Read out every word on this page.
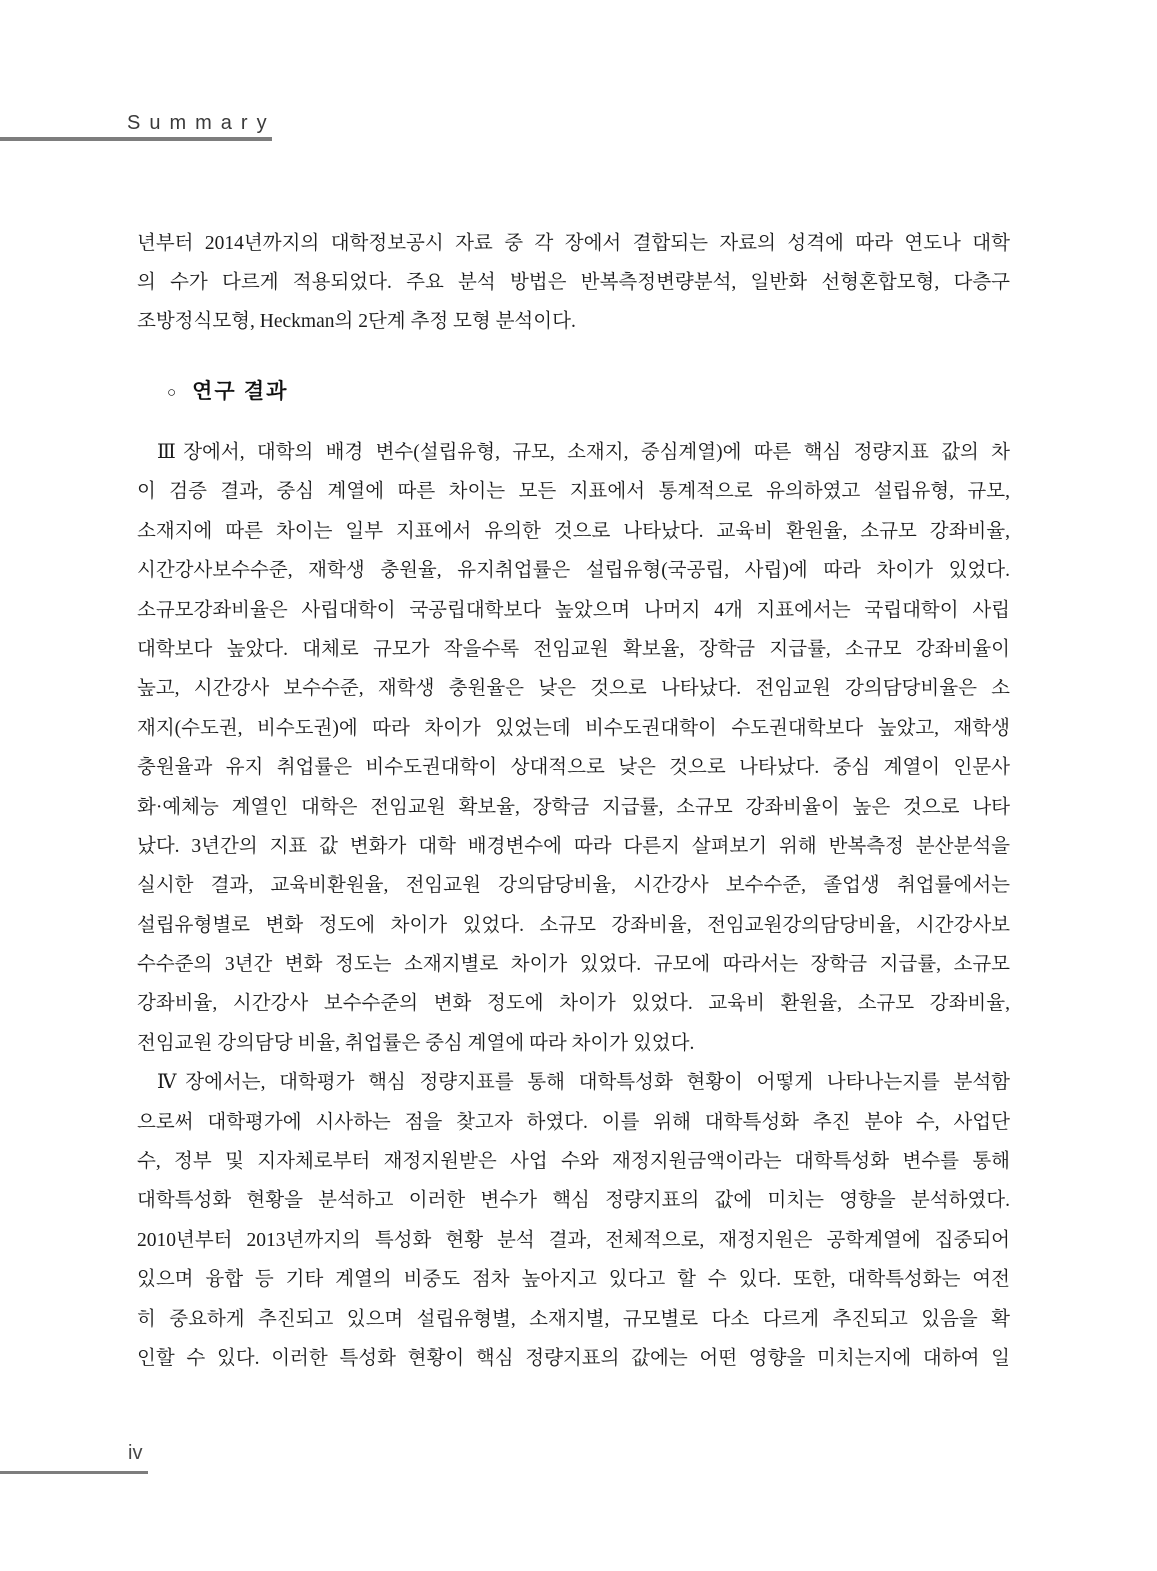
Summary
년부터 2014년까지의 대학정보공시 자료 중 각 장에서 결합되는 자료의 성격에 따라 연도나 대학
의 수가 다르게 적용되었다. 주요 분석 방법은 반복측정변량분석, 일반화 선형혼합모형, 다층구
조방정식모형, Heckman의 2단계 추정 모형 분석이다.
○ 연구 결과
Ⅲ장에서, 대학의 배경 변수(설립유형, 규모, 소재지, 중심계열)에 따른 핵심 정량지표 값의 차
이 검증 결과, 중심 계열에 따른 차이는 모든 지표에서 통계적으로 유의하였고 설립유형, 규모,
소재지에 따른 차이는 일부 지표에서 유의한 것으로 나타났다. 교육비 환원율, 소규모 강좌비율,
시간강사보수수준, 재학생 충원율, 유지취업률은 설립유형(국공립, 사립)에 따라 차이가 있었다.
소규모강좌비율은 사립대학이 국공립대학보다 높았으며 나머지 4개 지표에서는 국립대학이 사립
대학보다 높았다. 대체로 규모가 작을수록 전임교원 확보율, 장학금 지급률, 소규모 강좌비율이
높고, 시간강사 보수수준, 재학생 충원율은 낮은 것으로 나타났다. 전임교원 강의담당비율은 소
재지(수도권, 비수도권)에 따라 차이가 있었는데 비수도권대학이 수도권대학보다 높았고, 재학생
충원율과 유지 취업률은 비수도권대학이 상대적으로 낮은 것으로 나타났다. 중심 계열이 인문사
화·예체능 계열인 대학은 전임교원 확보율, 장학금 지급률, 소규모 강좌비율이 높은 것으로 나타
났다. 3년간의 지표 값 변화가 대학 배경변수에 따라 다른지 살펴보기 위해 반복측정 분산분석을
실시한 결과, 교육비환원율, 전임교원 강의담당비율, 시간강사 보수수준, 졸업생 취업률에서는
설립유형별로 변화 정도에 차이가 있었다. 소규모 강좌비율, 전임교원강의담당비율, 시간강사보
수수준의 3년간 변화 정도는 소재지별로 차이가 있었다. 규모에 따라서는 장학금 지급률, 소규모
강좌비율, 시간강사 보수수준의 변화 정도에 차이가 있었다. 교육비 환원율, 소규모 강좌비율,
전임교원 강의담당 비율, 취업률은 중심 계열에 따라 차이가 있었다.
Ⅳ장에서는, 대학평가 핵심 정량지표를 통해 대학특성화 현황이 어떻게 나타나는지를 분석함
으로써 대학평가에 시사하는 점을 찾고자 하였다. 이를 위해 대학특성화 추진 분야 수, 사업단
수, 정부 및 지자체로부터 재정지원받은 사업 수와 재정지원금액이라는 대학특성화 변수를 통해
대학특성화 현황을 분석하고 이러한 변수가 핵심 정량지표의 값에 미치는 영향을 분석하였다.
2010년부터 2013년까지의 특성화 현황 분석 결과, 전체적으로, 재정지원은 공학계열에 집중되어
있으며 융합 등 기타 계열의 비중도 점차 높아지고 있다고 할 수 있다. 또한, 대학특성화는 여전
히 중요하게 추진되고 있으며 설립유형별, 소재지별, 규모별로 다소 다르게 추진되고 있음을 확
인할 수 있다. 이러한 특성화 현황이 핵심 정량지표의 값에는 어떤 영향을 미치는지에 대하여 일
iv
